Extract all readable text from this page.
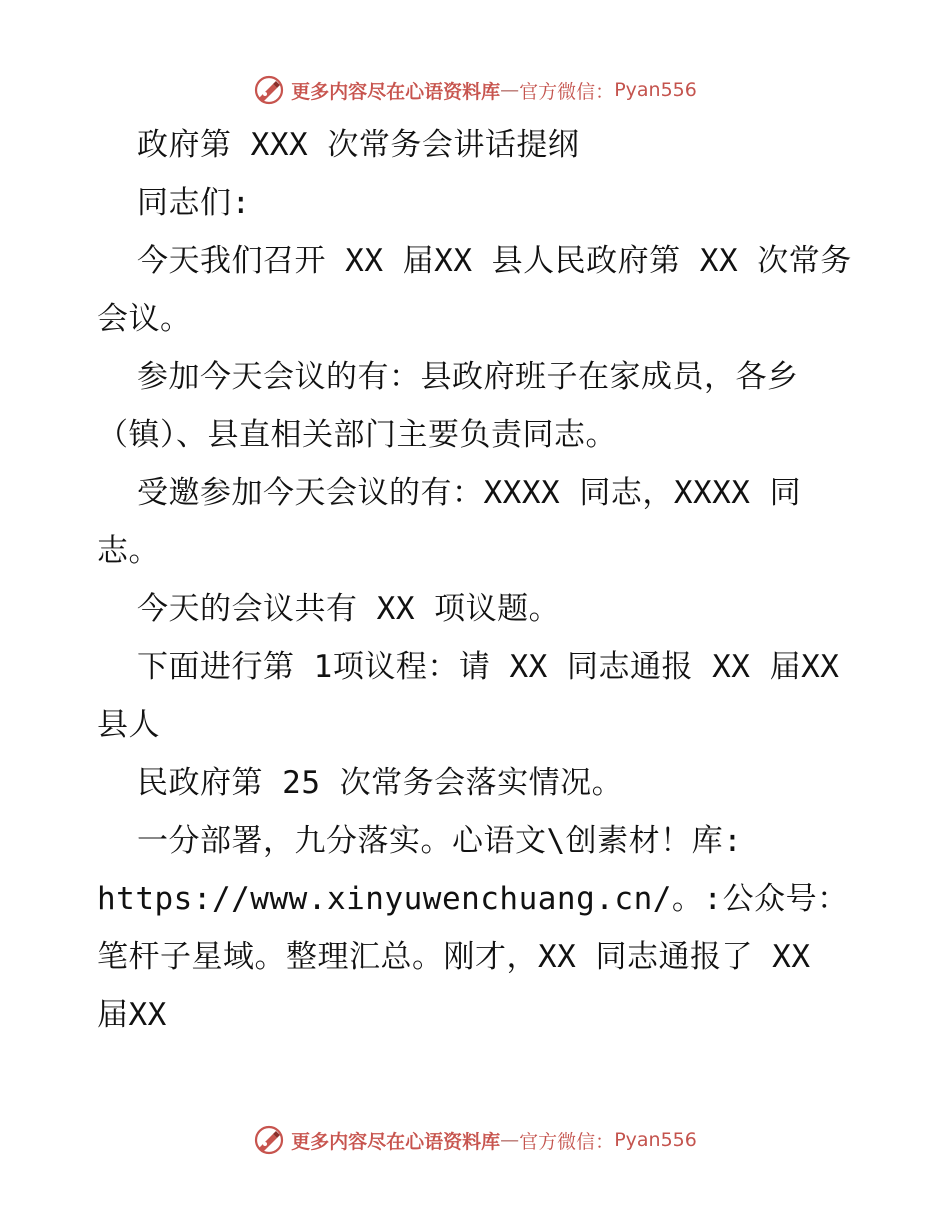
更多内容尽在心语资料库 — 官方微信： Pyan556

政府第 XXX 次常务会讲话提纲

同志们:

今天我们召开 XX 届XX 县人民政府第 XX 次常务会议。

参加今天会议的有：县政府班子在家成员，各乡（镇）、县直相关部门主要负责同志。

受邀参加今天会议的有：XXXX 同志，XXXX 同志。

今天的会议共有 XX 项议题。

下面进行第 1项议程：请 XX 同志通报 XX 届XX 县人

民政府第 25 次常务会落实情况。

一分部署，九分落实。心语文\创素材！库: https://www.xinyuwenchuang.cn/。:公众号：笔杆子星域。整理汇总。刚才，XX 同志通报了 XX 届XX

更多内容尽在心语资料库 — 官方微信： Pyan556
